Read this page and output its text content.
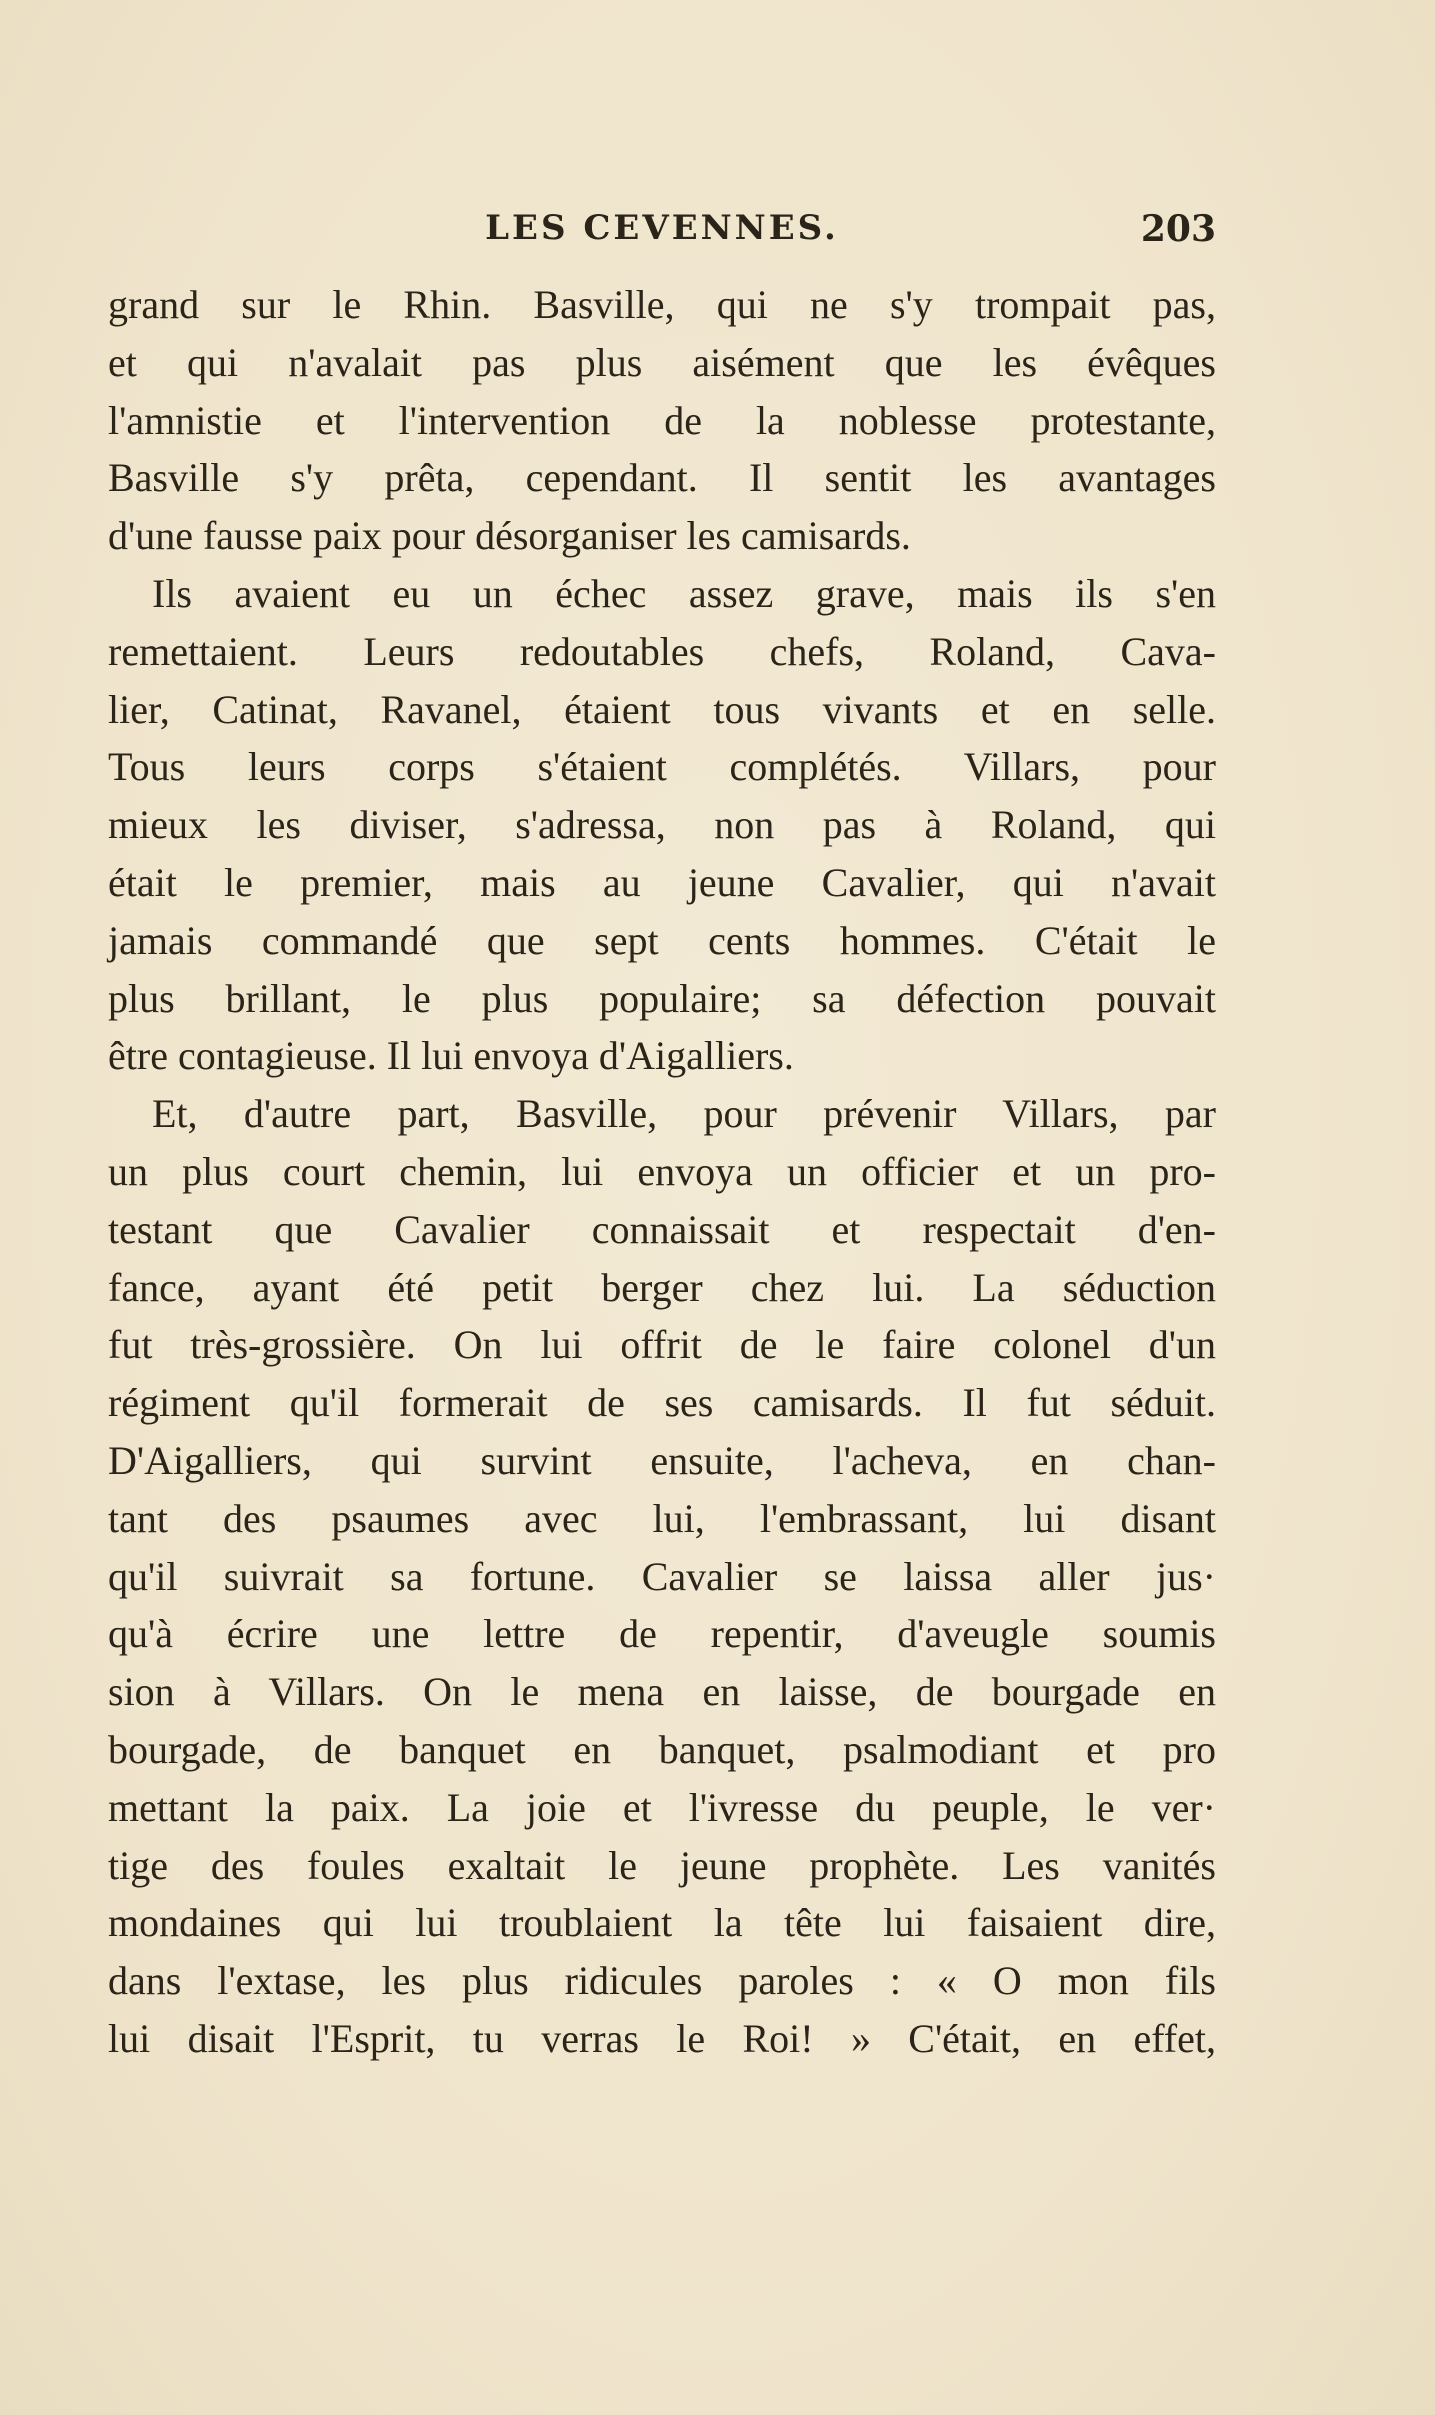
LES CEVENNES.	203
grand sur le Rhin. Basville, qui ne s'y trompait pas,
et qui n'avalait pas plus aisément que les évêques
l'amnistie et l'intervention de la noblesse protestante,
Basville s'y prêta, cependant. Il sentit les avantages
d'une fausse paix pour désorganiser les camisards.
Ils avaient eu un échec assez grave, mais ils s'en
remettaient. Leurs redoutables chefs, Roland, Cava-
lier, Catinat, Ravanel, étaient tous vivants et en selle.
Tous leurs corps s'étaient complétés. Villars, pour
mieux les diviser, s'adressa, non pas à Roland, qui
était le premier, mais au jeune Cavalier, qui n'avait
jamais commandé que sept cents hommes. C'était le
plus brillant, le plus populaire; sa défection pouvait
être contagieuse. Il lui envoya d'Aigalliers.
Et, d'autre part, Basville, pour prévenir Villars, par
un plus court chemin, lui envoya un officier et un pro-
testant que Cavalier connaissait et respectait d'en-
fance, ayant été petit berger chez lui. La séduction
fut très-grossière. On lui offrit de le faire colonel d'un
régiment qu'il formerait de ses camisards. Il fut séduit.
D'Aigalliers, qui survint ensuite, l'acheva, en chan-
tant des psaumes avec lui, l'embrassant, lui disant
qu'il suivrait sa fortune. Cavalier se laissa aller jus·
qu'à écrire une lettre de repentir, d'aveugle soumis
sion à Villars. On le mena en laisse, de bourgade en
bourgade, de banquet en banquet, psalmodiant et pro
mettant la paix. La joie et l'ivresse du peuple, le ver·
tige des foules exaltait le jeune prophète. Les vanités
mondaines qui lui troublaient la tête lui faisaient dire,
dans l'extase, les plus ridicules paroles : « O mon fils
lui disait l'Esprit, tu verras le Roi! » C'était, en effet,
